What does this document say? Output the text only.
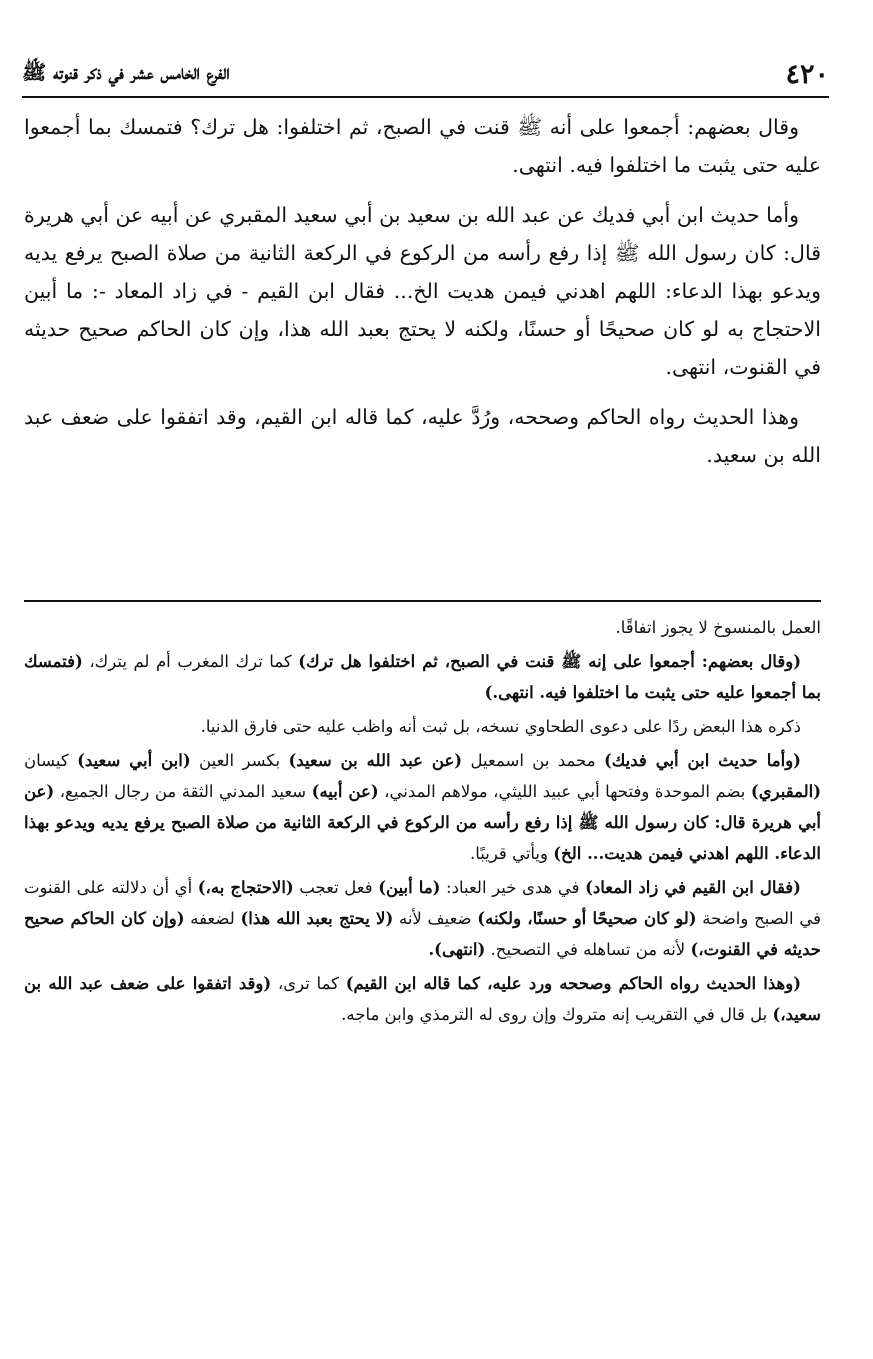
٤٢٠
الفرع الخامس عشر في ذكر قنوته ﷺ

وقال بعضهم: أجمعوا على أنه ﷺ قنت في الصبح، ثم اختلفوا: هل ترك؟ فتمسك بما أجمعوا عليه حتى يثبت ما اختلفوا فيه. انتهى.

وأما حديث ابن أبي فديك عن عبد الله بن سعيد بن أبي سعيد المقبري عن أبيه عن أبي هريرة قال: كان رسول الله ﷺ إذا رفع رأسه من الركوع في الركعة الثانية من صلاة الصبح يرفع يديه ويدعو بهذا الدعاء: اللهم اهدني فيمن هديت الخ... فقال ابن القيم - في زاد المعاد -: ما أبين الاحتجاج به لو كان صحيحًا أو حسنًا، ولكنه لا يحتج بعبد الله هذا، وإن كان الحاكم صحيح حديثه في القنوت، انتهى.

وهذا الحديث رواه الحاكم وصححه، ورُدَّ عليه، كما قاله ابن القيم، وقد اتفقوا على ضعف عبد الله بن سعيد.

العمل بالمنسوخ لا يجوز اتفاقًا.

(وقال بعضهم: أجمعوا على إنه ﷺ قنت في الصبح، ثم اختلفوا هل ترك) كما ترك المغرب أم لم يترك، (فتمسك بما أجمعوا عليه حتى يثبت ما اختلفوا فيه. انتهى.)

ذكره هذا البعض ردًا على دعوى الطحاوي نسخه، بل ثبت أنه واظب عليه حتى فارق الدنيا.

(وأما حديث ابن أبي فديك) محمد بن اسمعيل (عن عبد الله بن سعيد) بكسر العين (ابن أبي سعيد) كيسان (المقبري) بضم الموحدة وفتحها أبي عبيد الليثي، مولاهم المدني، (عن أبيه) سعيد المدني الثقة من رجال الجميع، (عن أبي هريرة قال: كان رسول الله ﷺ إذا رفع رأسه من الركوع في الركعة الثانية من صلاة الصبح يرفع يديه ويدعو بهذا الدعاء. اللهم اهدني فيمن هديت... الخ) ويأتي قريبًا.

(فقال ابن القيم في زاد المعاد) في هدى خير العباد: (ما أبين) فعل تعجب (الاحتجاج به،) أي أن دلالته على القنوت في الصبح واضحة (لو كان صحيحًا أو حسنًا، ولكنه) ضعيف لأنه (لا يحتج بعبد الله هذا) لضعفه (وإن كان الحاكم صحيح حديثه في القنوت،) لأنه من تساهله في التصحيح. (انتهى).

(وهذا الحديث رواه الحاكم وصححه ورد عليه، كما قاله ابن القيم) كما ترى، (وقد اتفقوا على ضعف عبد الله بن سعيد،) بل قال في التقريب إنه متروك وإن روى له الترمذي وابن ماجه.
